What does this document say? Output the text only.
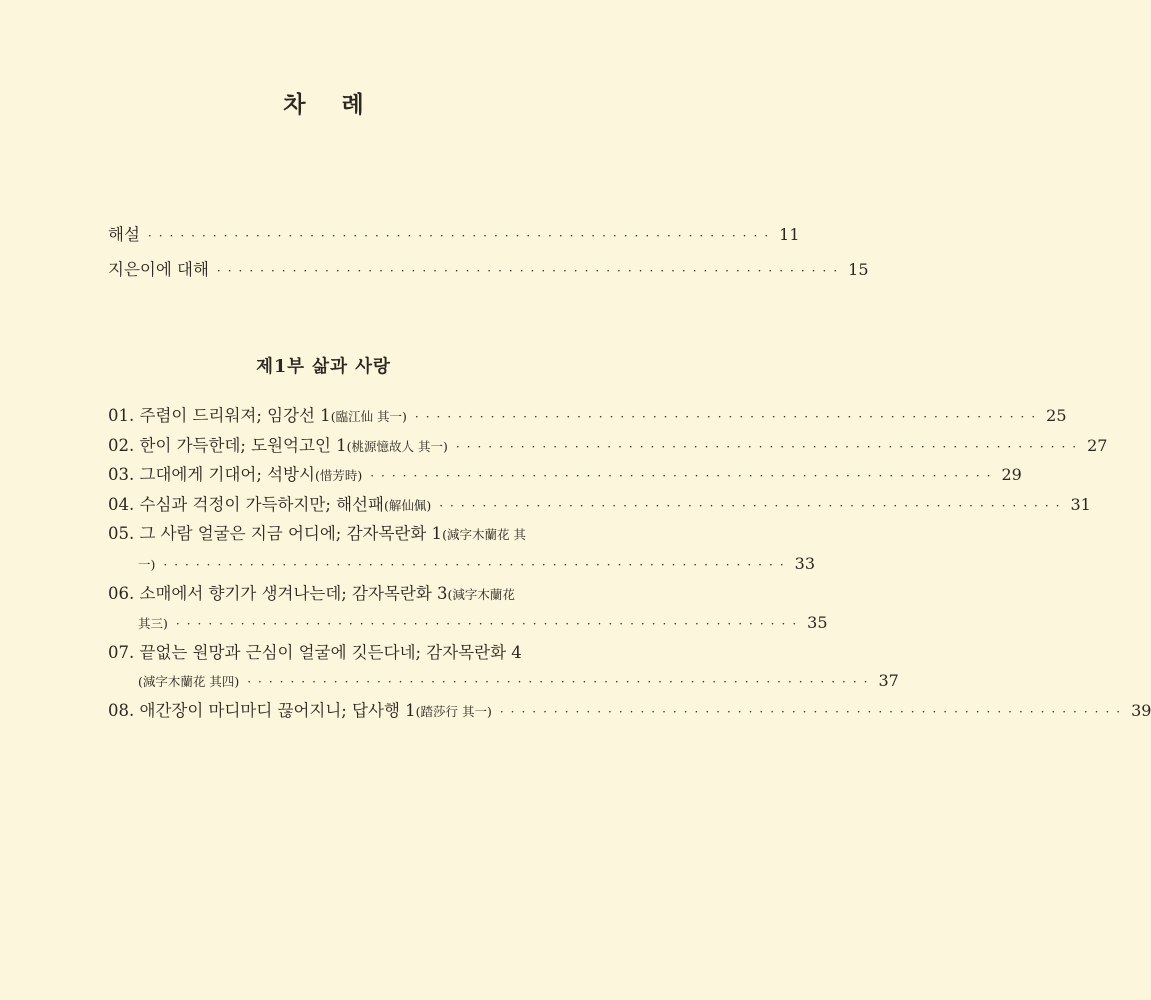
차 례
해설 ·························································· 11
지은이에 대해 ·························································· 15
제1부 삶과 사랑
01.
주렴이 드리워져; 임강선 1 (臨江仙 其一) ·························································· 25
02.
한이 가득한데; 도원억고인 1 (桃源憶故人 其一) ·························································· 27
03.
그대에게 기대어; 석방시 (惜芳時) ·························································· 29
04.
수심과 걱정이 가득하지만; 해선패 (解仙佩) ·························································· 31
05.
그 사람 얼굴은 지금 어디에; 감자목란화 1 (減字木蘭花 其
一) ·························································· 33
06.
소매에서 향기가 생겨나는데; 감자목란화 3 (減字木蘭花
其三) ·························································· 35
07.
끝없는 원망과 근심이 얼굴에 깃든다네; 감자목란화 4
(減字木蘭花 其四) ·························································· 37
08.
애간장이 마디마디 끊어지니; 답사행 1 (踏莎行 其一) ·························································· 39
